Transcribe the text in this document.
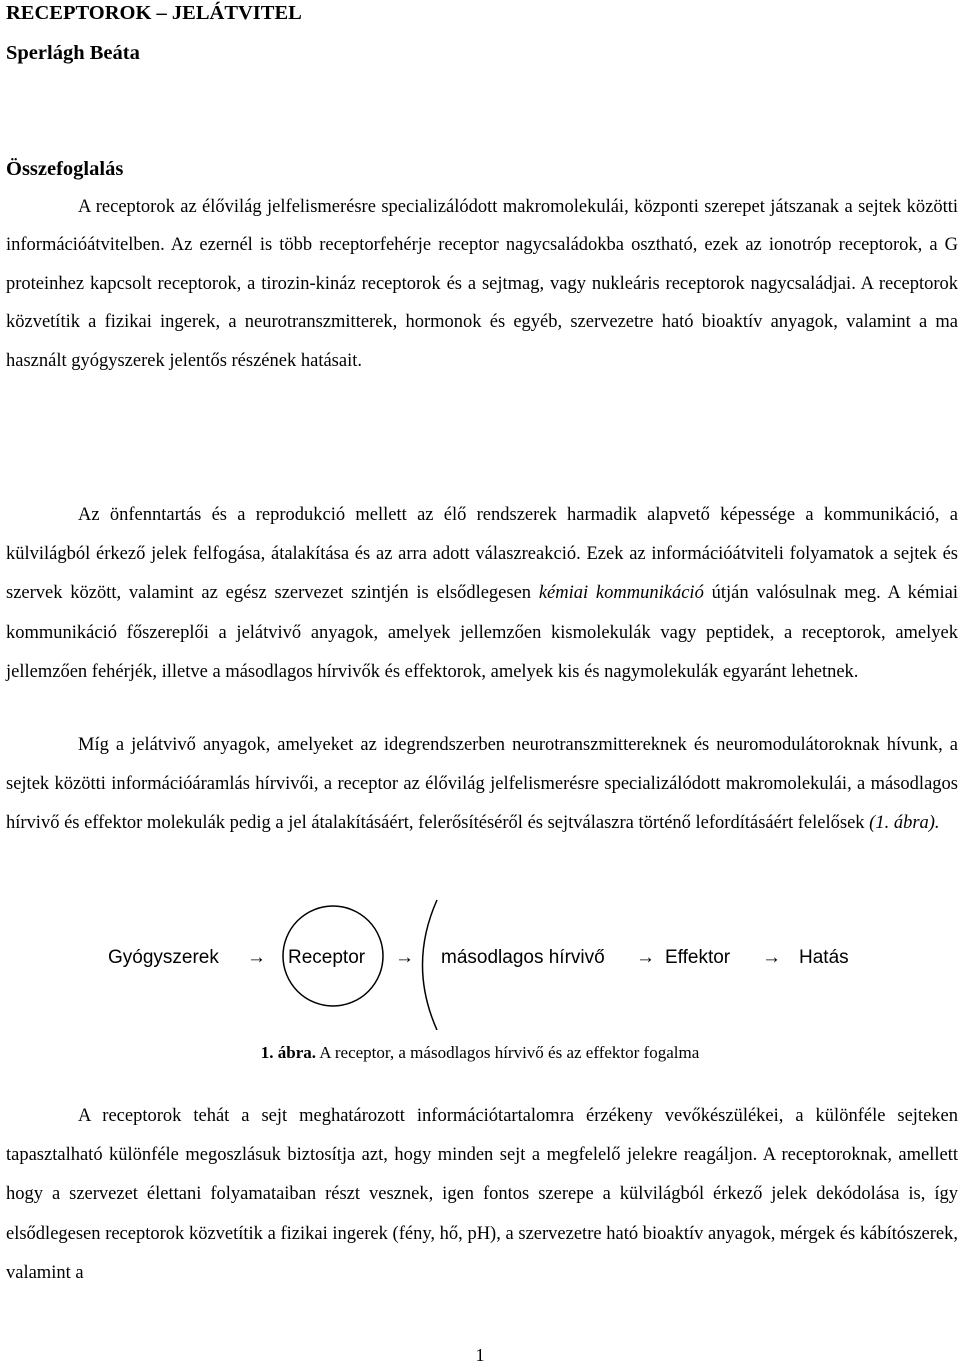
RECEPTOROK – JELÁTVITEL
Sperlágh Beáta
Összefoglalás

A receptorok az élővilág jelfelismerésre specializálódott makromolekulái, központi szerepet játszanak a sejtek közötti információátvitelben. Az ezernél is több receptorfehérje receptor nagycsaládokba osztható, ezek az ionotróp receptorok, a G proteinhez kapcsolt receptorok, a tirozin-kináz receptorok és a sejtmag, vagy nukleáris receptorok nagycsaládjai. A receptorok közvetítik a fizikai ingerek, a neurotranszmitterek, hormonok és egyéb, szervezetre ható bioaktív anyagok, valamint a ma használt gyógyszerek jelentős részének hatásait.

Az önfenntartás és a reprodukció mellett az élő rendszerek harmadik alapvető képessége a kommunikáció, a külvilágból érkező jelek felfogása, átalakítása és az arra adott válaszreakció. Ezek az információátviteli folyamatok a sejtek és szervek között, valamint az egész szervezet szintjén is elsődlegesen kémiai kommunikáció útján valósulnak meg. A kémiai kommunikáció főszereplői a jelátvivő anyagok, amelyek jellemzően kismolekulák vagy peptidek, a receptorok, amelyek jellemzően fehérjék, illetve a másodlagos hírvivők és effektorok, amelyek kis és nagymolekulák egyaránt lehetnek.

Míg a jelátvivő anyagok, amelyeket az idegrendszerben neurotranszmittereknek és neuromodulátoroknak hívunk, a sejtek közötti információáramlás hírvivői, a receptor az élővilág jelfelismerésre specializálódott makromolekulái, a másodlagos hírvivő és effektor molekulák pedig a jel átalakításáért, felerősítéséről és sejtválaszra történő lefordításáért felelősek (1. ábra).

Gyógyszerek → Receptor → másodlagos hírvivő → Effektor → Hatás

1. ábra. A receptor, a másodlagos hírvivő és az effektor fogalma

A receptorok tehát a sejt meghatározott információtartalomra érzékeny vevőkészülékei, a különféle sejteken tapasztalható különféle megoszlásuk biztosítja azt, hogy minden sejt a megfelelő jelekre reagáljon. A receptoroknak, amellett hogy a szervezet élettani folyamataiban részt vesznek, igen fontos szerepe a külvilágból érkező jelek dekódolása is, így elsődlegesen receptorok közvetítik a fizikai ingerek (fény, hő, pH), a szervezetre ható bioaktív anyagok, mérgek és kábítószerek, valamint a

1
